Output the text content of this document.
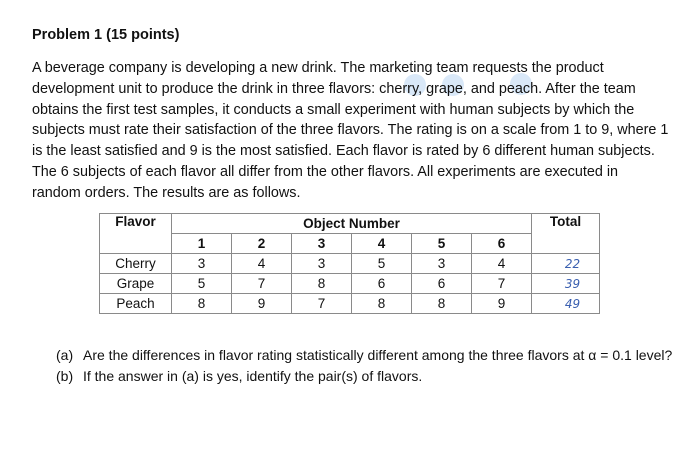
Problem 1 (15 points)

A beverage company is developing a new drink. The marketing team requests the product
development unit to produce the drink in three flavors: cherry, grape, and peach. After the team
obtains the first test samples, it conducts a small experiment with human subjects by which the
subjects must rate their satisfaction of the three flavors. The rating is on a scale from 1 to 9, where 1
is the least satisfied and 9 is the most satisfied. Each flavor is rated by 6 different human subjects.
The 6 subjects of each flavor all differ from the other flavors. All experiments are executed in
random orders. The results are as follows.

Flavor	Object Number						Total
	1	2	3	4	5	6	
Cherry	3	4	3	5	3	4	22
Grape	5	7	8	6	6	7	39
Peach	8	9	7	8	8	9	49
(a) Are the differences in flavor rating statistically different among the three flavors at α = 0.1 level?
(b) If the answer in (a) is yes, identify the pair(s) of flavors.
